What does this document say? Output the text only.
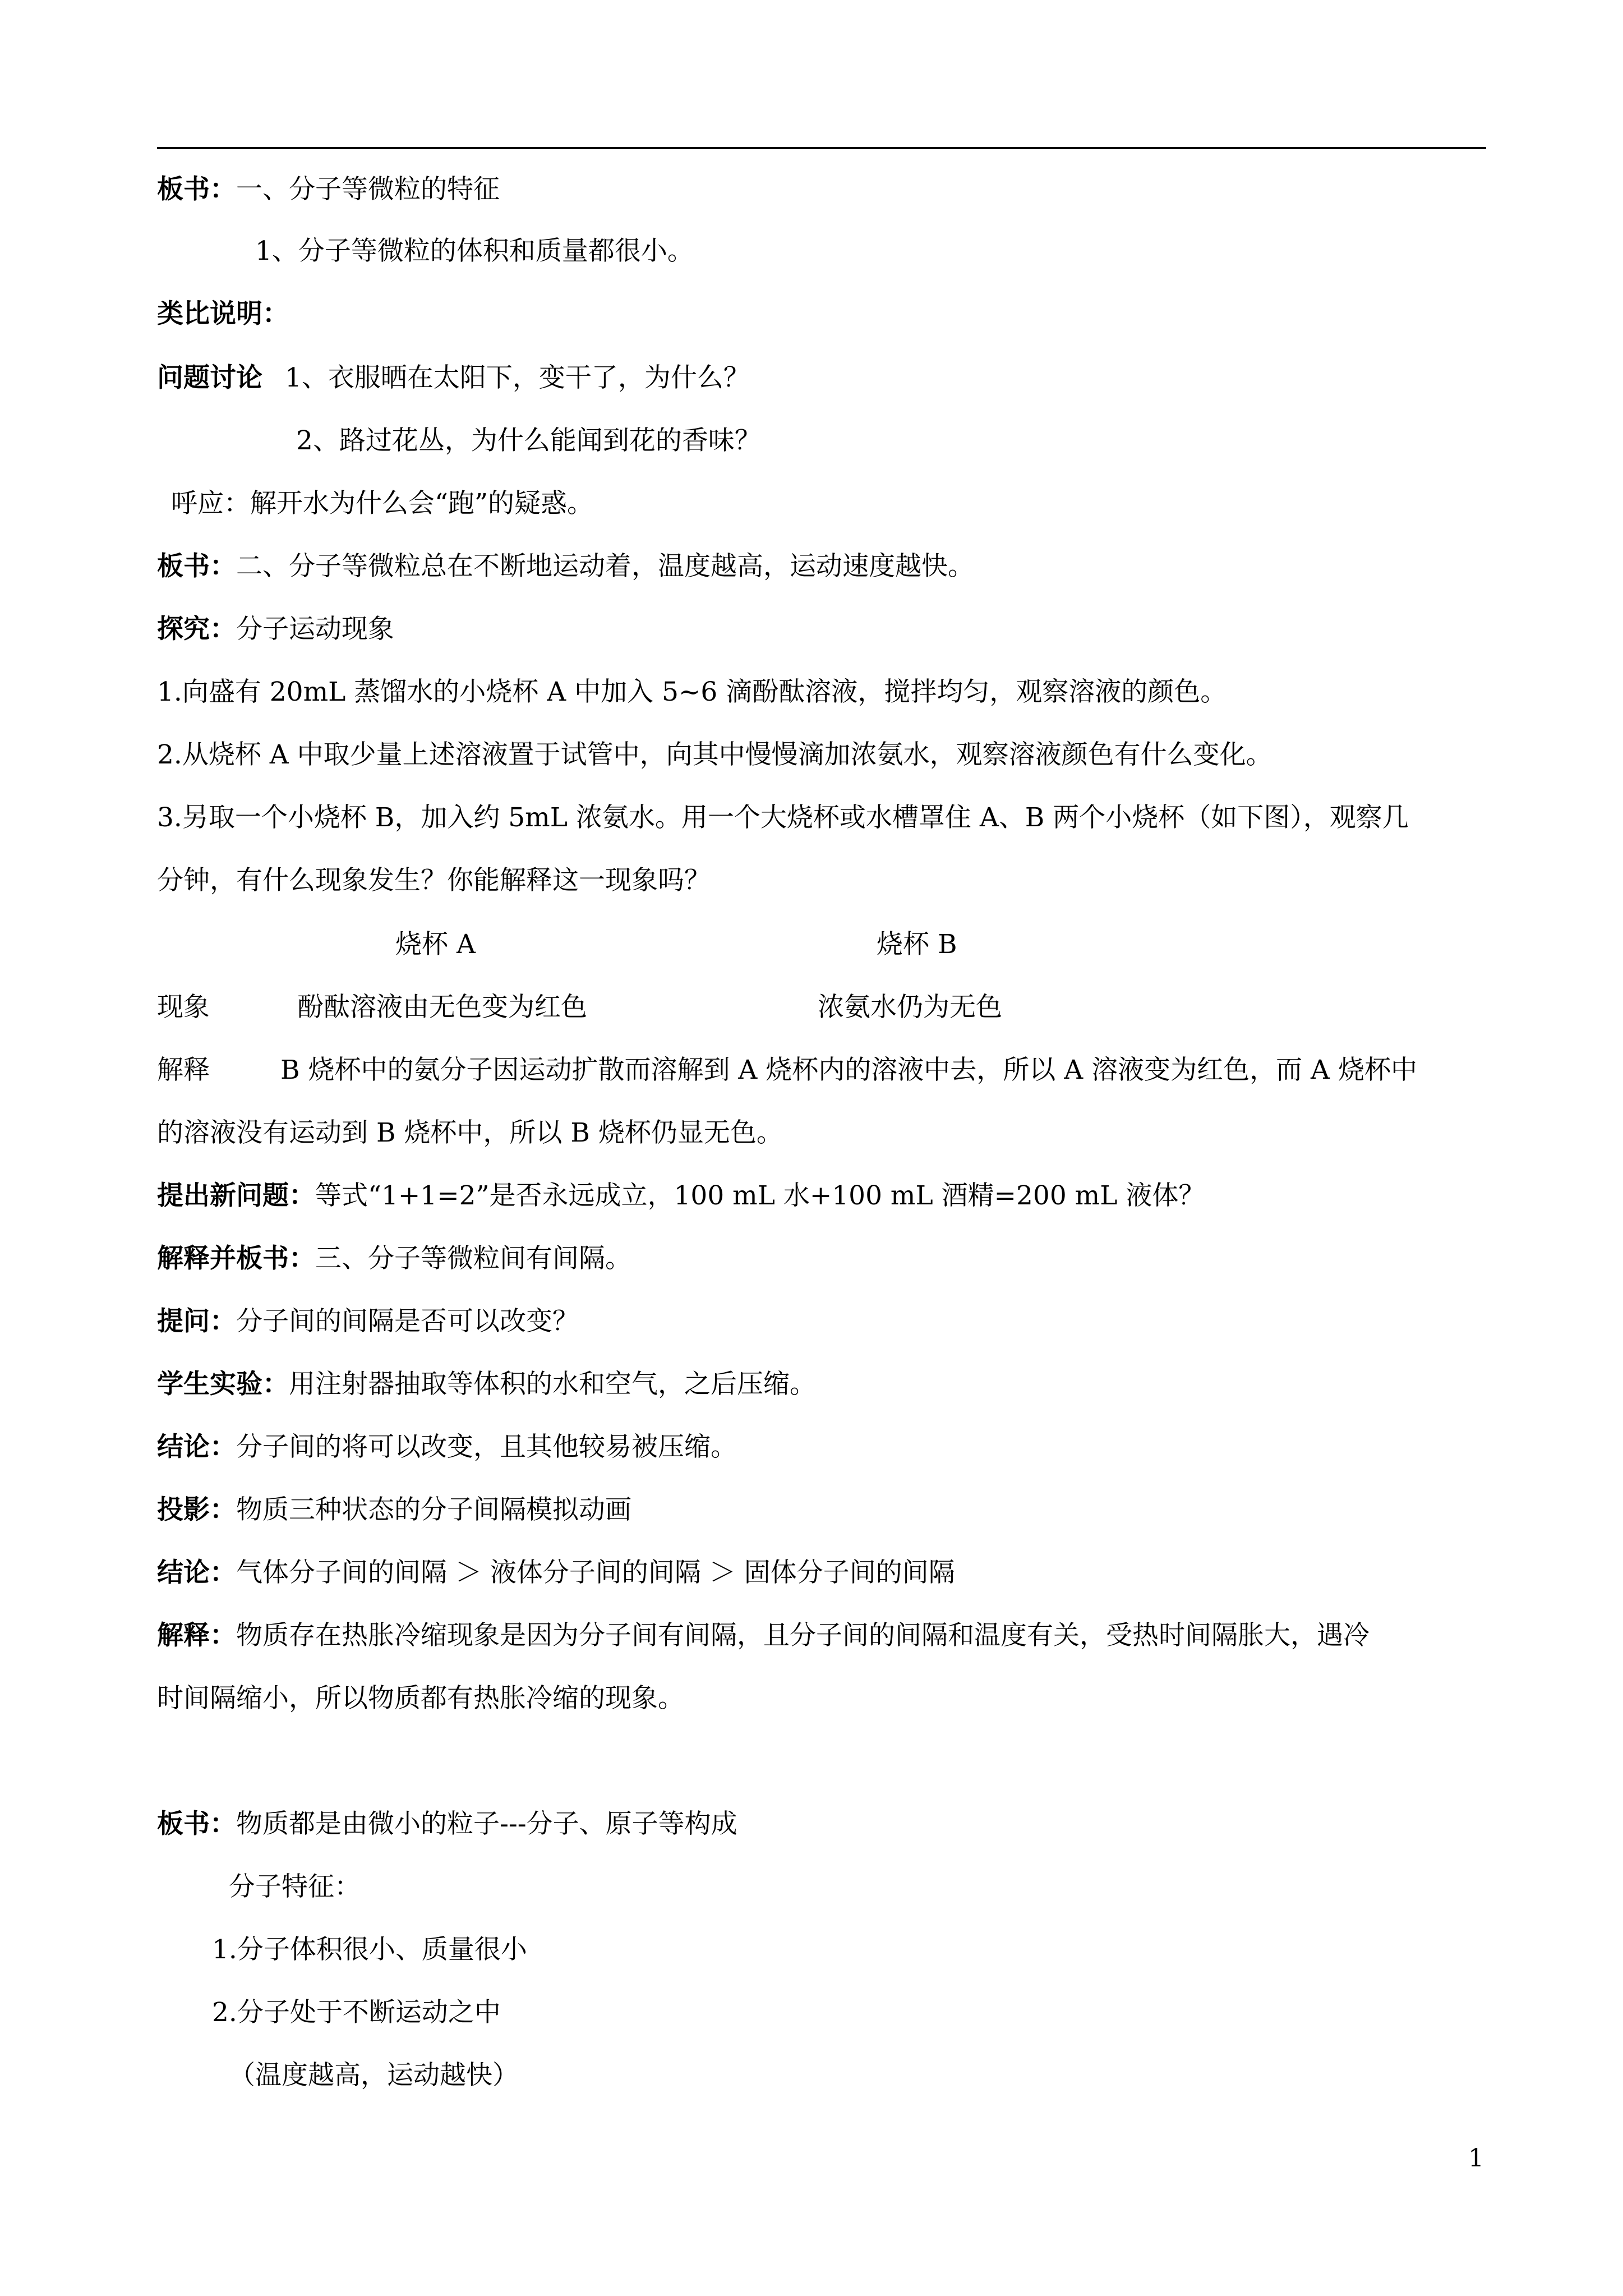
板书：一、分子等微粒的特征
1、分子等微粒的体积和质量都很小。
类比说明：
问题讨论 1、衣服晒在太阳下，变干了，为什么？
2、路过花丛，为什么能闻到花的香味？
呼应：解开水为什么会“跑”的疑惑。
板书：二、分子等微粒总在不断地运动着，温度越高，运动速度越快。
探究：分子运动现象
1.向盛有 20mL 蒸馏水的小烧杯 A 中加入 5~6 滴酚酞溶液，搅拌均匀，观察溶液的颜色。
2.从烧杯 A 中取少量上述溶液置于试管中，向其中慢慢滴加浓氨水，观察溶液颜色有什么变化。
3.另取一个小烧杯 B，加入约 5mL 浓氨水。用一个大烧杯或水槽罩住 A、B 两个小烧杯（如下图），观察几
分钟，有什么现象发生？你能解释这一现象吗？
烧杯 A	烧杯 B
现象	酚酞溶液由无色变为红色	浓氨水仍为无色
解释	B 烧杯中的氨分子因运动扩散而溶解到 A 烧杯内的溶液中去，所以 A 溶液变为红色，而 A 烧杯中
的溶液没有运动到 B 烧杯中，所以 B 烧杯仍显无色。
提出新问题：等式“1+1=2”是否永远成立，100 mL 水+100 mL 酒精=200 mL 液体？
解释并板书：三、分子等微粒间有间隔。
提问：分子间的间隔是否可以改变？
学生实验：用注射器抽取等体积的水和空气，之后压缩。
结论：分子间的将可以改变，且其他较易被压缩。
投影：物质三种状态的分子间隔模拟动画
结论：气体分子间的间隔 ＞ 液体分子间的间隔 ＞ 固体分子间的间隔
解释：物质存在热胀冷缩现象是因为分子间有间隔，且分子间的间隔和温度有关，受热时间隔胀大，遇冷
时间隔缩小，所以物质都有热胀冷缩的现象。
板书：物质都是由微小的粒子---分子、原子等构成
分子特征：
1.分子体积很小、质量很小
2.分子处于不断运动之中
（温度越高，运动越快）
1
